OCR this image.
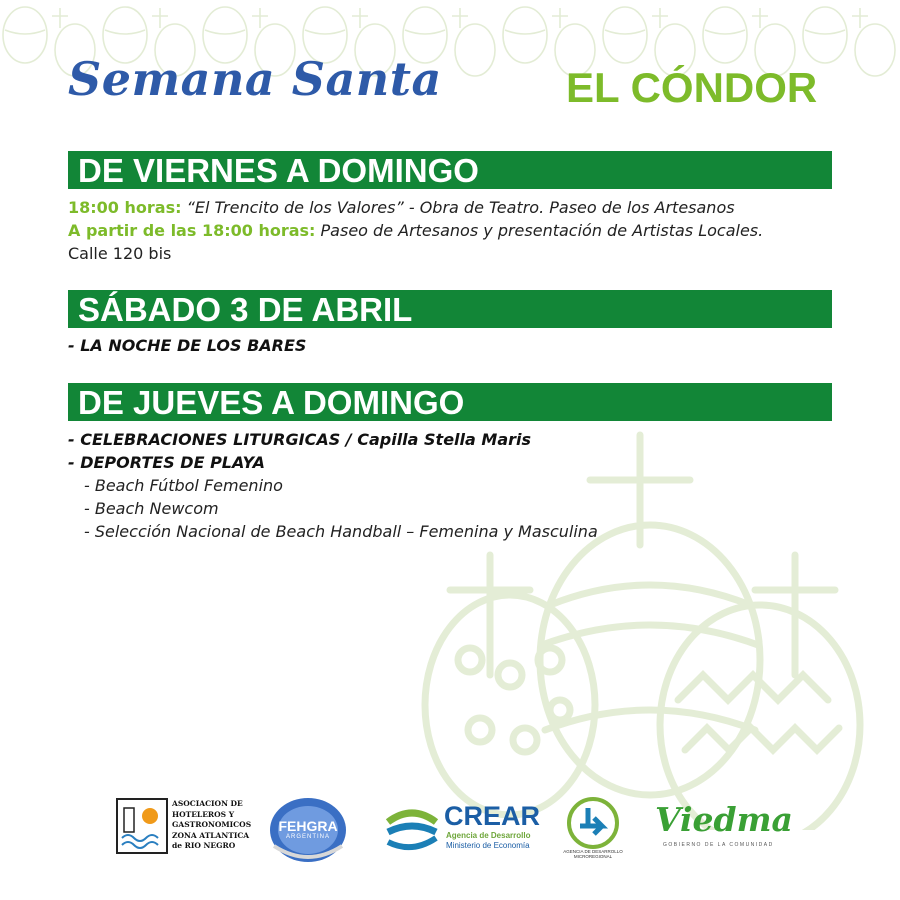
Semana Santa	EL CÓNDOR
DE VIERNES A DOMINGO
18:00 horas: “El Trencito de los Valores” - Obra de Teatro. Paseo de los Artesanos
A partir de las 18:00 horas: Paseo de Artesanos y presentación de Artistas Locales.
Calle 120 bis
SÁBADO 3 DE ABRIL
- LA NOCHE DE LOS BARES
DE JUEVES A DOMINGO
- CELEBRACIONES LITURGICAS / Capilla Stella Maris
- DEPORTES DE PLAYA
- Beach Fútbol Femenino
- Beach Newcom
- Selección Nacional de Beach Handball – Femenina y Masculina
ASOCIACION DE
HOTELEROS Y
GASTRONOMICOS
ZONA ATLANTICA
de RIO NEGRO
FEHGRA
ARGENTINA
CREAR
Agencia de Desarrollo
Ministerio de Economía
AGENCIA DE DESARROLLO
MICROREGIONAL
Viedma
GOBIERNO DE LA COMUNIDAD
